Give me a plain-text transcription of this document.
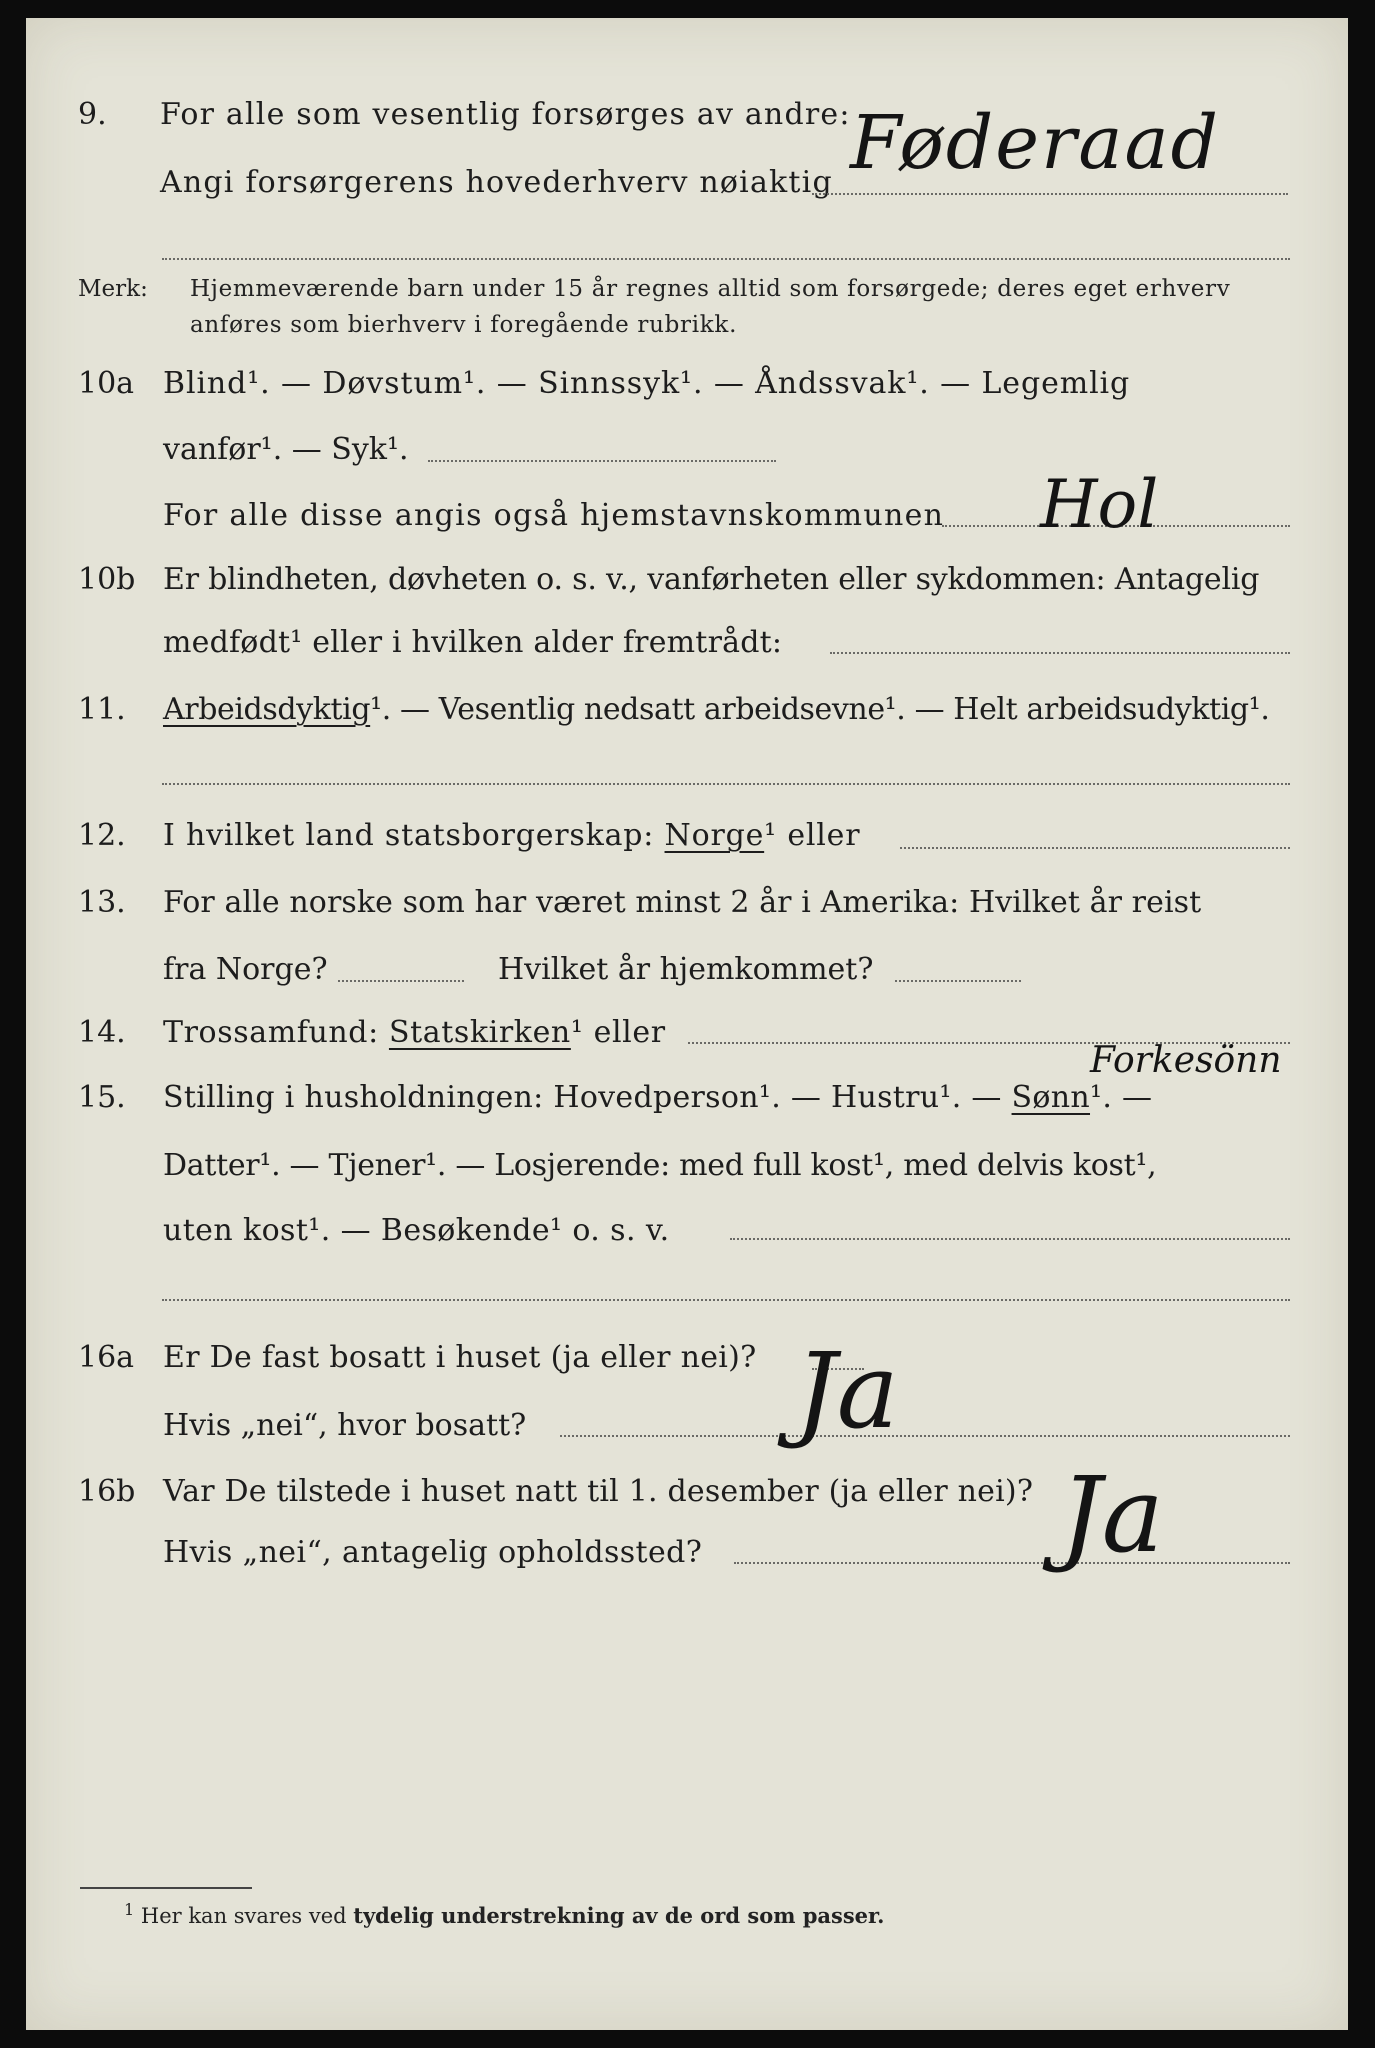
9. For alle som vesentlig forsørges av andre:
Angi forsørgerens hovederhverv nøiaktig Føderaad
Merk: Hjemmeværende barn under 15 år regnes alltid som forsørgede; deres eget erhverv
anføres som bierhverv i foregående rubrikk.
10a Blind¹. — Døvstum¹. — Sinnssyk¹. — Åndssvak¹. — Legemlig
vanfør¹. — Syk¹.
For alle disse angis også hjemstavnskommunen Hol
10b Er blindheten, døvheten o. s. v., vanførheten eller sykdommen: Antagelig
medfødt¹ eller i hvilken alder fremtrådt:
11. Arbeidsdyktig¹. — Vesentlig nedsatt arbeidsevne¹. — Helt arbeidsudyktig¹.
12. I hvilket land statsborgerskap: Norge¹ eller
13. For alle norske som har været minst 2 år i Amerika: Hvilket år reist
fra Norge?	Hvilket år hjemkommet?
14. Trossamfund: Statskirken¹ eller
Forkesönn
15. Stilling i husholdningen: Hovedperson¹. — Hustru¹. — Sønn¹. —
Datter¹. — Tjener¹. — Losjerende: med full kost¹, med delvis kost¹,
uten kost¹. — Besøkende¹ o. s. v.
16a Er De fast bosatt i huset (ja eller nei)?
Hvis „nei“, hvor bosatt?	Ja
16b Var De tilstede i huset natt til 1. desember (ja eller nei)?
Hvis „nei“, antagelig opholdssted?	Ja
$^1$ Her kan svares ved tydelig understrekning av de ord som passer.
